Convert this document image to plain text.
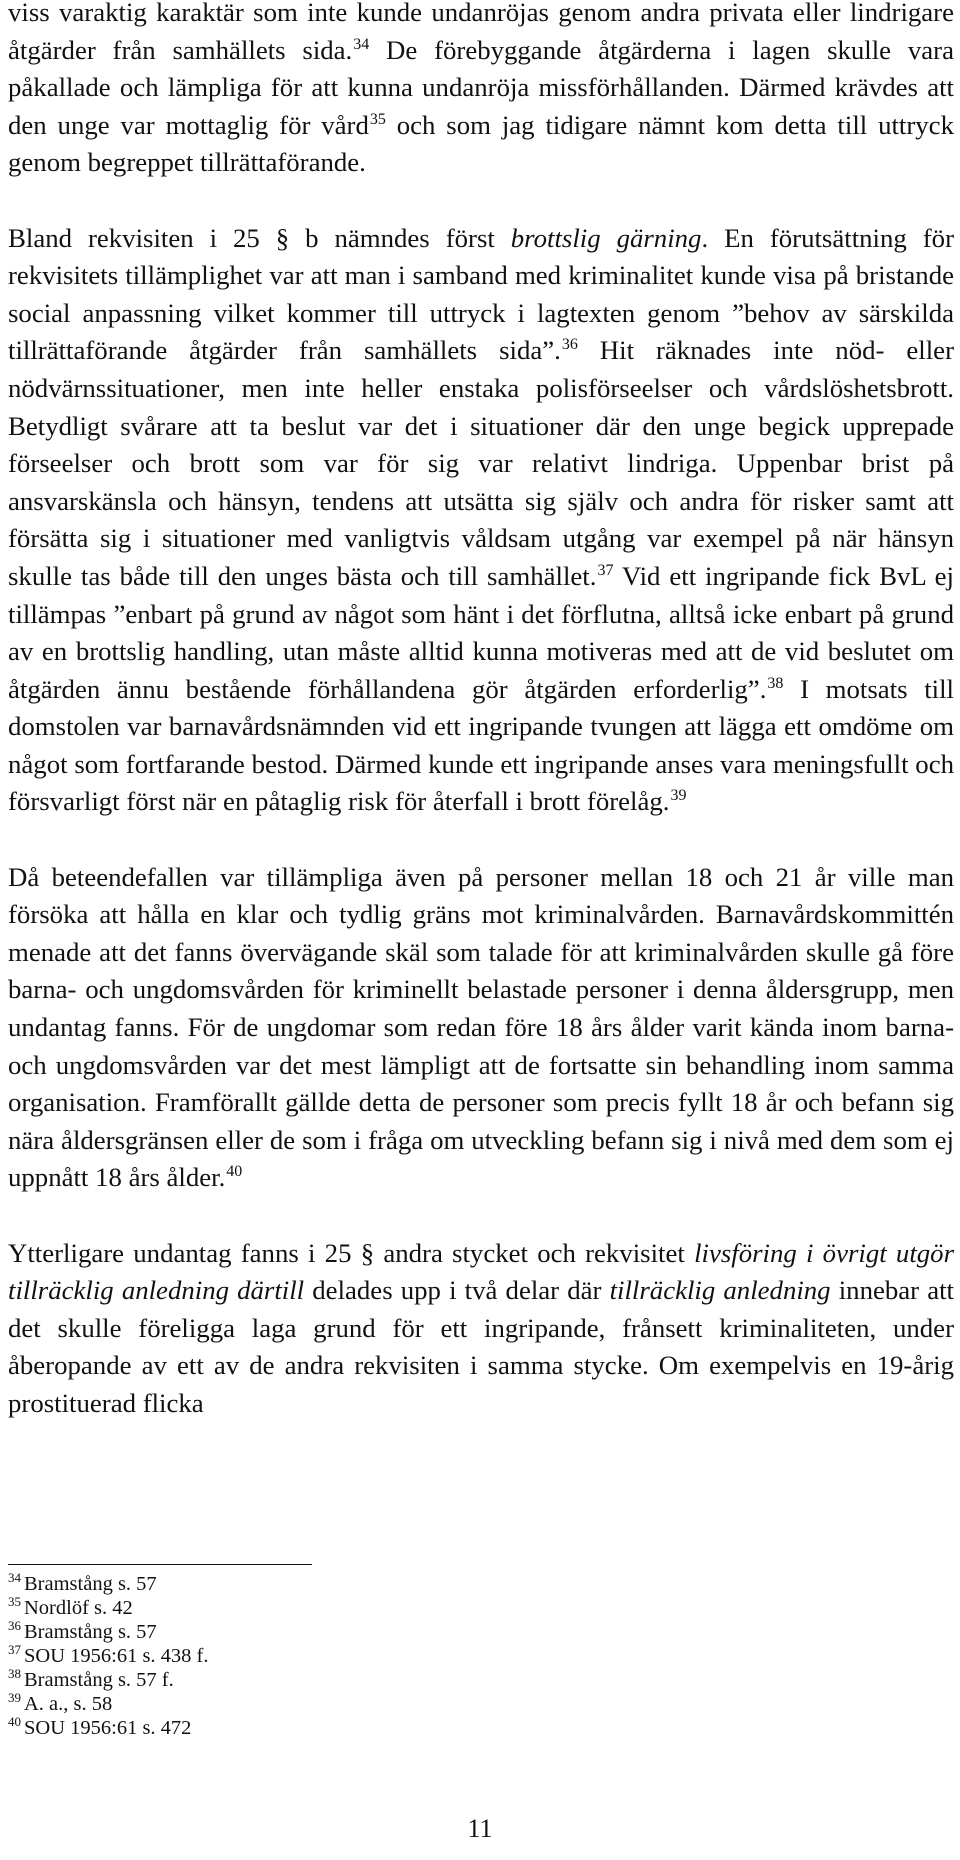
viss varaktig karaktär som inte kunde undanröjas genom andra privata eller lindrigare åtgärder från samhällets sida.$^{34}$ De förebyggande åtgärderna i lagen skulle vara påkallade och lämpliga för att kunna undanröja missförhållanden. Därmed krävdes att den unge var mottaglig för vård$^{35}$ och som jag tidigare nämnt kom detta till uttryck genom begreppet tillrättaförande.

Bland rekvisiten i 25 § b nämndes först brottslig gärning. En förutsättning för rekvisitets tillämplighet var att man i samband med kriminalitet kunde visa på bristande social anpassning vilket kommer till uttryck i lagtexten genom ”behov av särskilda tillrättaförande åtgärder från samhällets sida”.$^{36}$ Hit räknades inte nöd- eller nödvärnssituationer, men inte heller enstaka polisförseelser och vårdslöshetsbrott. Betydligt svårare att ta beslut var det i situationer där den unge begick upprepade förseelser och brott som var för sig var relativt lindriga. Uppenbar brist på ansvarskänsla och hänsyn, tendens att utsätta sig själv och andra för risker samt att försätta sig i situationer med vanligtvis våldsam utgång var exempel på när hänsyn skulle tas både till den unges bästa och till samhället.$^{37}$ Vid ett ingripande fick BvL ej tillämpas ”enbart på grund av något som hänt i det förflutna, alltså icke enbart på grund av en brottslig handling, utan måste alltid kunna motiveras med att de vid beslutet om åtgärden ännu bestående förhållandena gör åtgärden erforderlig”.$^{38}$ I motsats till domstolen var barnavårdsnämnden vid ett ingripande tvungen att lägga ett omdöme om något som fortfarande bestod. Därmed kunde ett ingripande anses vara meningsfullt och försvarligt först när en påtaglig risk för återfall i brott förelåg.$^{39}$

Då beteendefallen var tillämpliga även på personer mellan 18 och 21 år ville man försöka att hålla en klar och tydlig gräns mot kriminalvården. Barnavårdskommittén menade att det fanns övervägande skäl som talade för att kriminalvården skulle gå före barna- och ungdomsvården för kriminellt belastade personer i denna åldersgrupp, men undantag fanns. För de ungdomar som redan före 18 års ålder varit kända inom barna- och ungdomsvården var det mest lämpligt att de fortsatte sin behandling inom samma organisation. Framförallt gällde detta de personer som precis fyllt 18 år och befann sig nära åldersgränsen eller de som i fråga om utveckling befann sig i nivå med dem som ej uppnått 18 års ålder.$^{40}$

Ytterligare undantag fanns i 25 § andra stycket och rekvisitet livsföring i övrigt utgör tillräcklig anledning därtill delades upp i två delar där tillräcklig anledning innebar att det skulle föreligga laga grund för ett ingripande, frånsett kriminaliteten, under åberopande av ett av de andra rekvisiten i samma stycke. Om exempelvis en 19-årig prostituerad flicka

$^{34}$ Bramstång s. 57
$^{35}$ Nordlöf s. 42
$^{36}$ Bramstång s. 57
$^{37}$ SOU 1956:61 s. 438 f.
$^{38}$ Bramstång s. 57 f.
$^{39}$ A. a., s. 58
$^{40}$ SOU 1956:61 s. 472
11
